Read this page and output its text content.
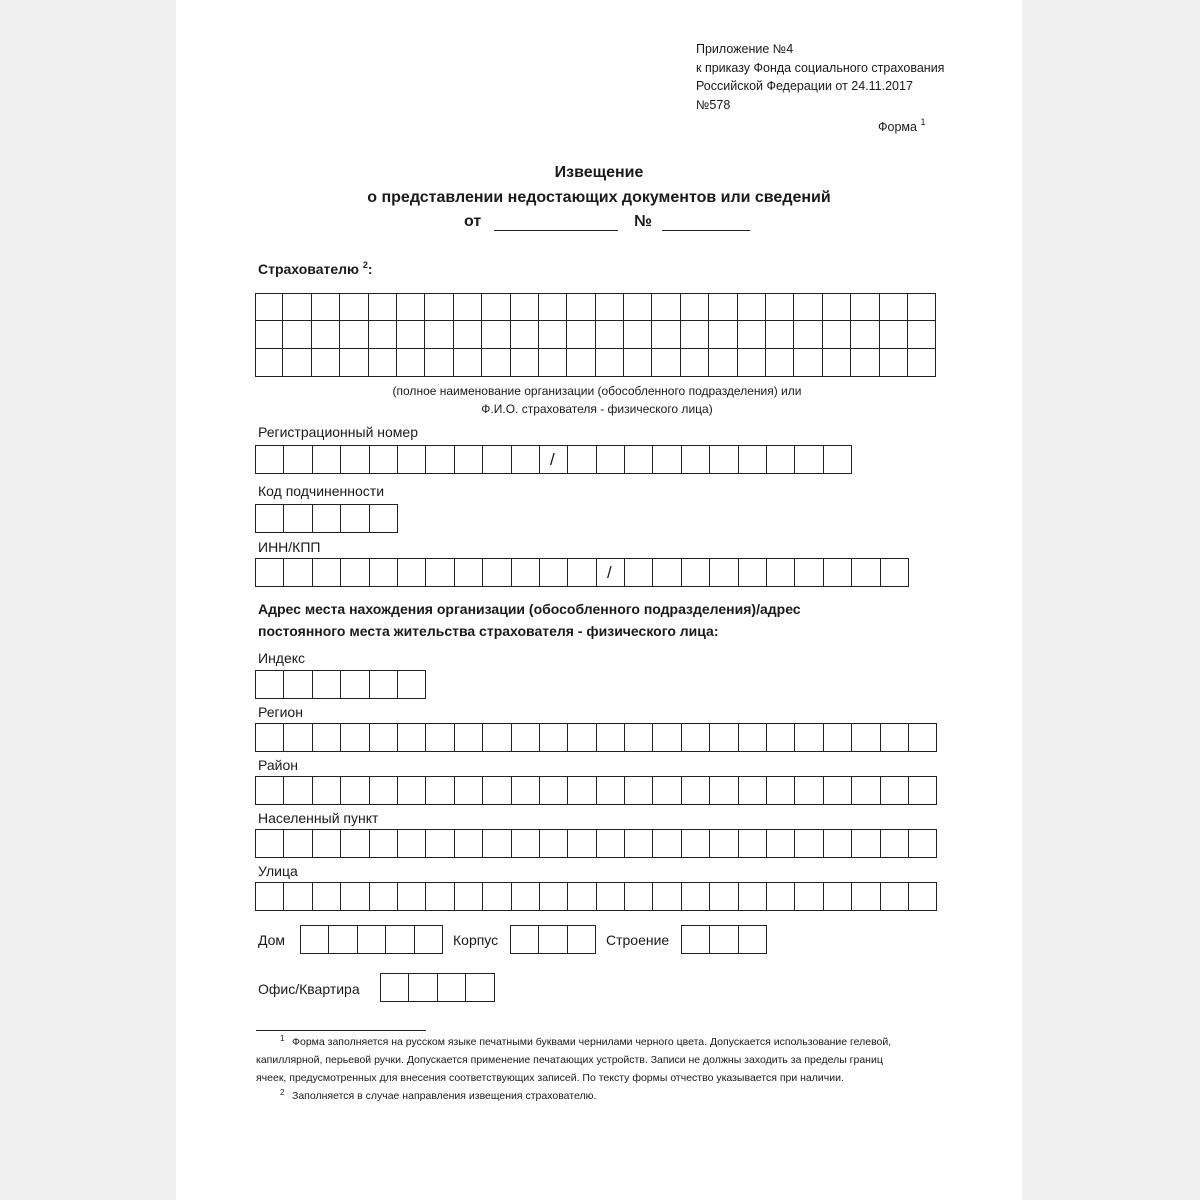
Приложение №4
к приказу Фонда социального страхования
Российской Федерации от 24.11.2017
№578
Форма $^1$
Извещение
о представлении недостающих документов или сведений
от	№
Страхователю $^2$:
(полное наименование организации (обособленного подразделения) или
Ф.И.О. страхователя - физического лица)
Регистрационный номер
/
Код подчиненности
ИНН/КПП
/
Адрес места нахождения организации (обособленного подразделения)/адрес
постоянного места жительства страхователя - физического лица:
Индекс
Регион
Район
Населенный пункт
Улица
Дом	Корпус	Строение
Офис/Квартира
1 Форма заполняется на русском языке печатными буквами чернилами черного цвета. Допускается использование гелевой,
капиллярной, перьевой ручки. Допускается применение печатающих устройств. Записи не должны заходить за пределы границ
ячеек, предусмотренных для внесения соответствующих записей. По тексту формы отчество указывается при наличии.
2 Заполняется в случае направления извещения страхователю.
